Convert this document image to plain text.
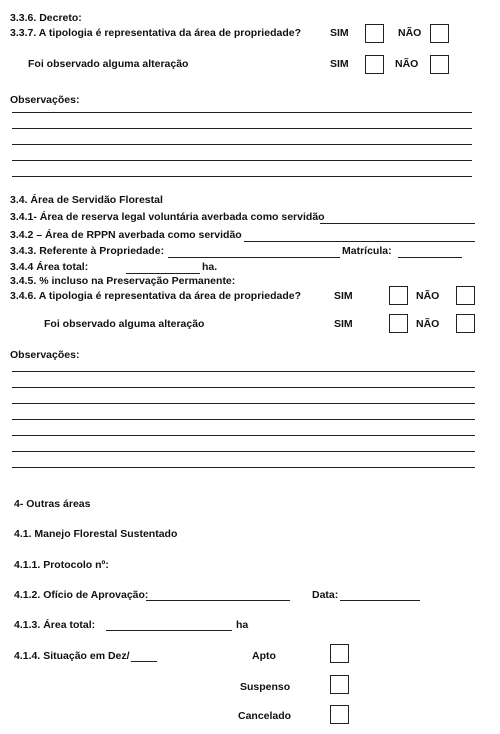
3.3.6. Decreto:
3.3.7. A tipologia é representativa da área de propriedade?	SIM	NÃO
Foi observado alguma alteração	SIM	NÃO
Observações:
3.4. Área de Servidão Florestal
3.4.1- Área de reserva legal voluntária averbada como servidão
3.4.2 – Área de RPPN averbada como servidão
3.4.3. Referente à Propriedade:	Matrícula:
3.4.4 Área total:	ha.
3.4.5. % incluso na Preservação Permanente:
3.4.6. A tipologia é representativa da área de propriedade?	SIM	NÃO
Foi observado alguma alteração	SIM	NÃO
Observações:
4- Outras áreas
4.1. Manejo Florestal Sustentado
4.1.1. Protocolo nº:
4.1.2. Ofício de Aprovação:	Data:
4.1.3. Área total:	ha
4.1.4. Situação em Dez/	Apto
Suspenso
Cancelado
